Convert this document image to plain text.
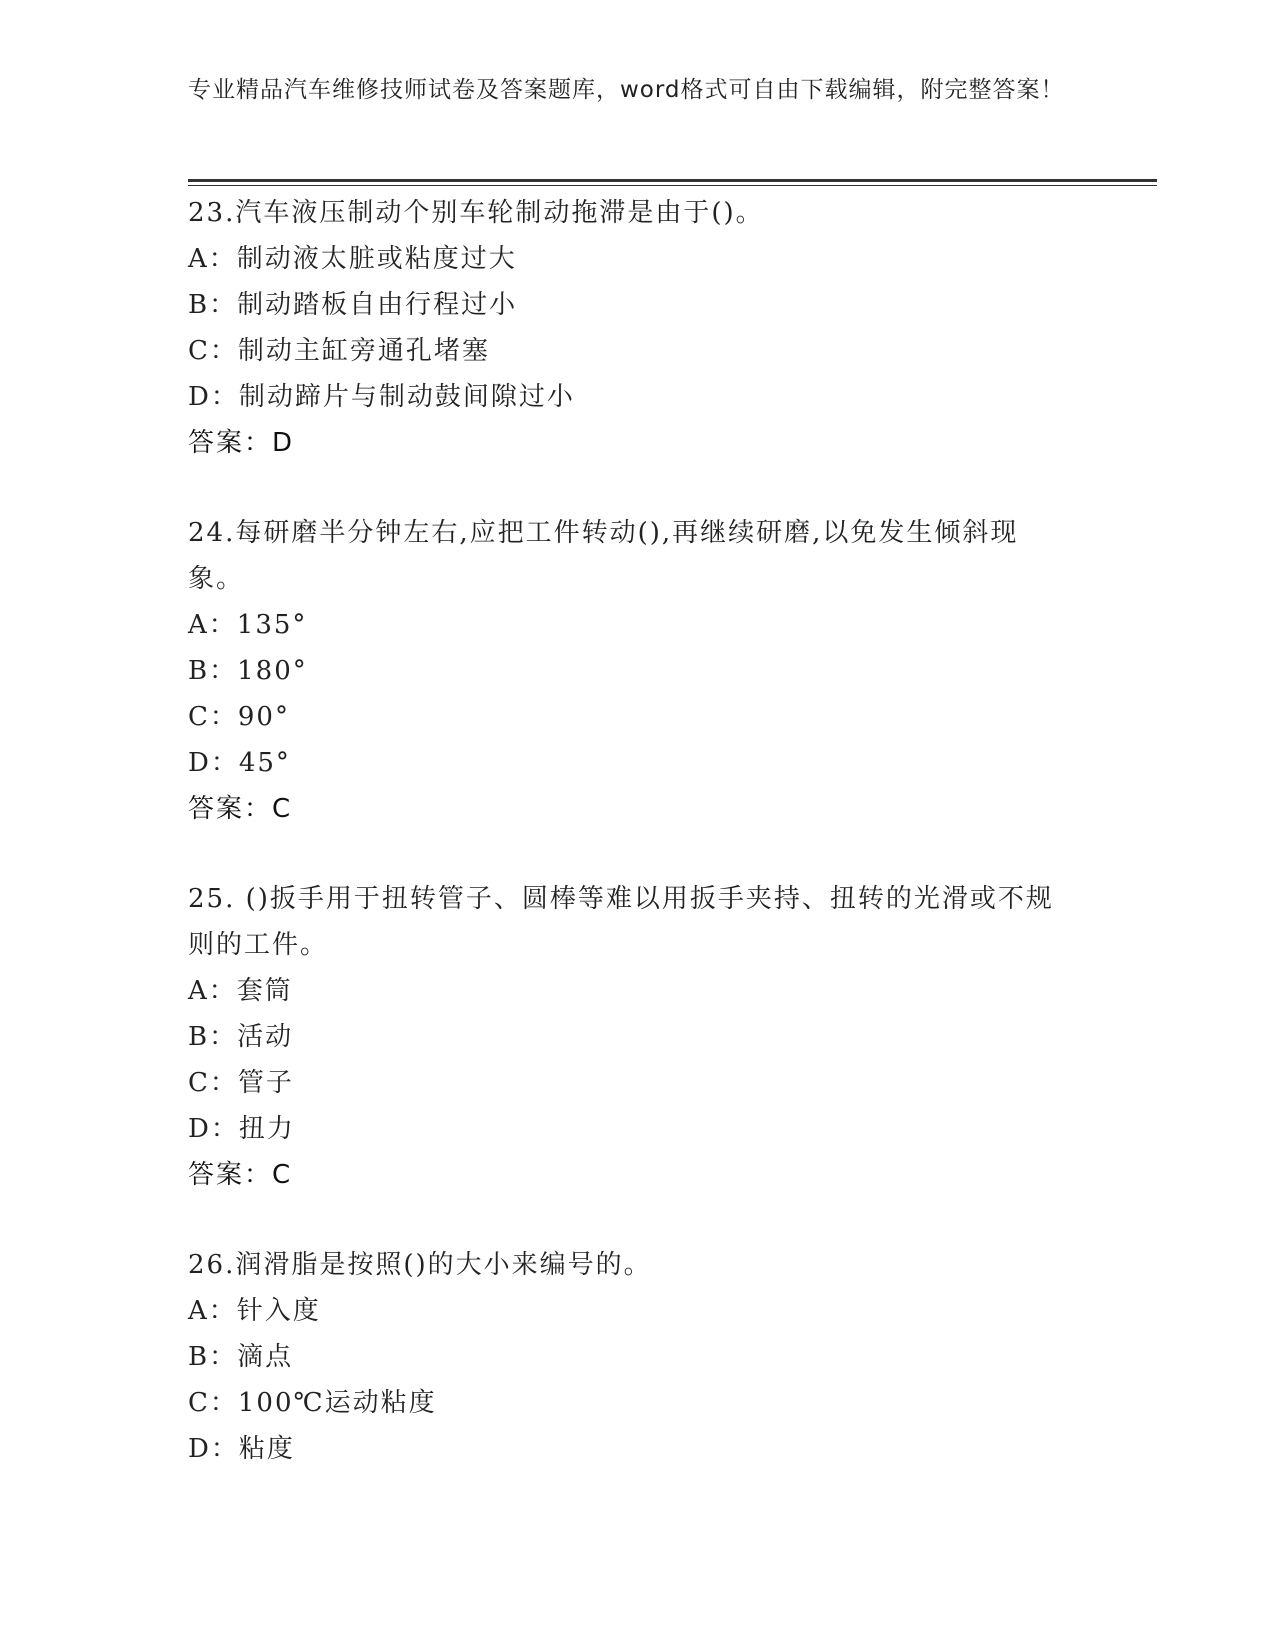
专业精品汽车维修技师试卷及答案题库，word格式可自由下载编辑，附完整答案！
23.汽车液压制动个别车轮制动拖滞是由于()。
A：制动液太脏或粘度过大
B：制动踏板自由行程过小
C：制动主缸旁通孔堵塞
D：制动蹄片与制动鼓间隙过小
答案：D
24.每研磨半分钟左右,应把工件转动(),再继续研磨,以免发生倾斜现象。
A：135°
B：180°
C：90°
D：45°
答案：C
25. ()扳手用于扭转管子、圆棒等难以用扳手夹持、扭转的光滑或不规则的工件。
A：套筒
B：活动
C：管子
D：扭力
答案：C
26.润滑脂是按照()的大小来编号的。
A：针入度
B：滴点
C：100℃运动粘度
D：粘度
